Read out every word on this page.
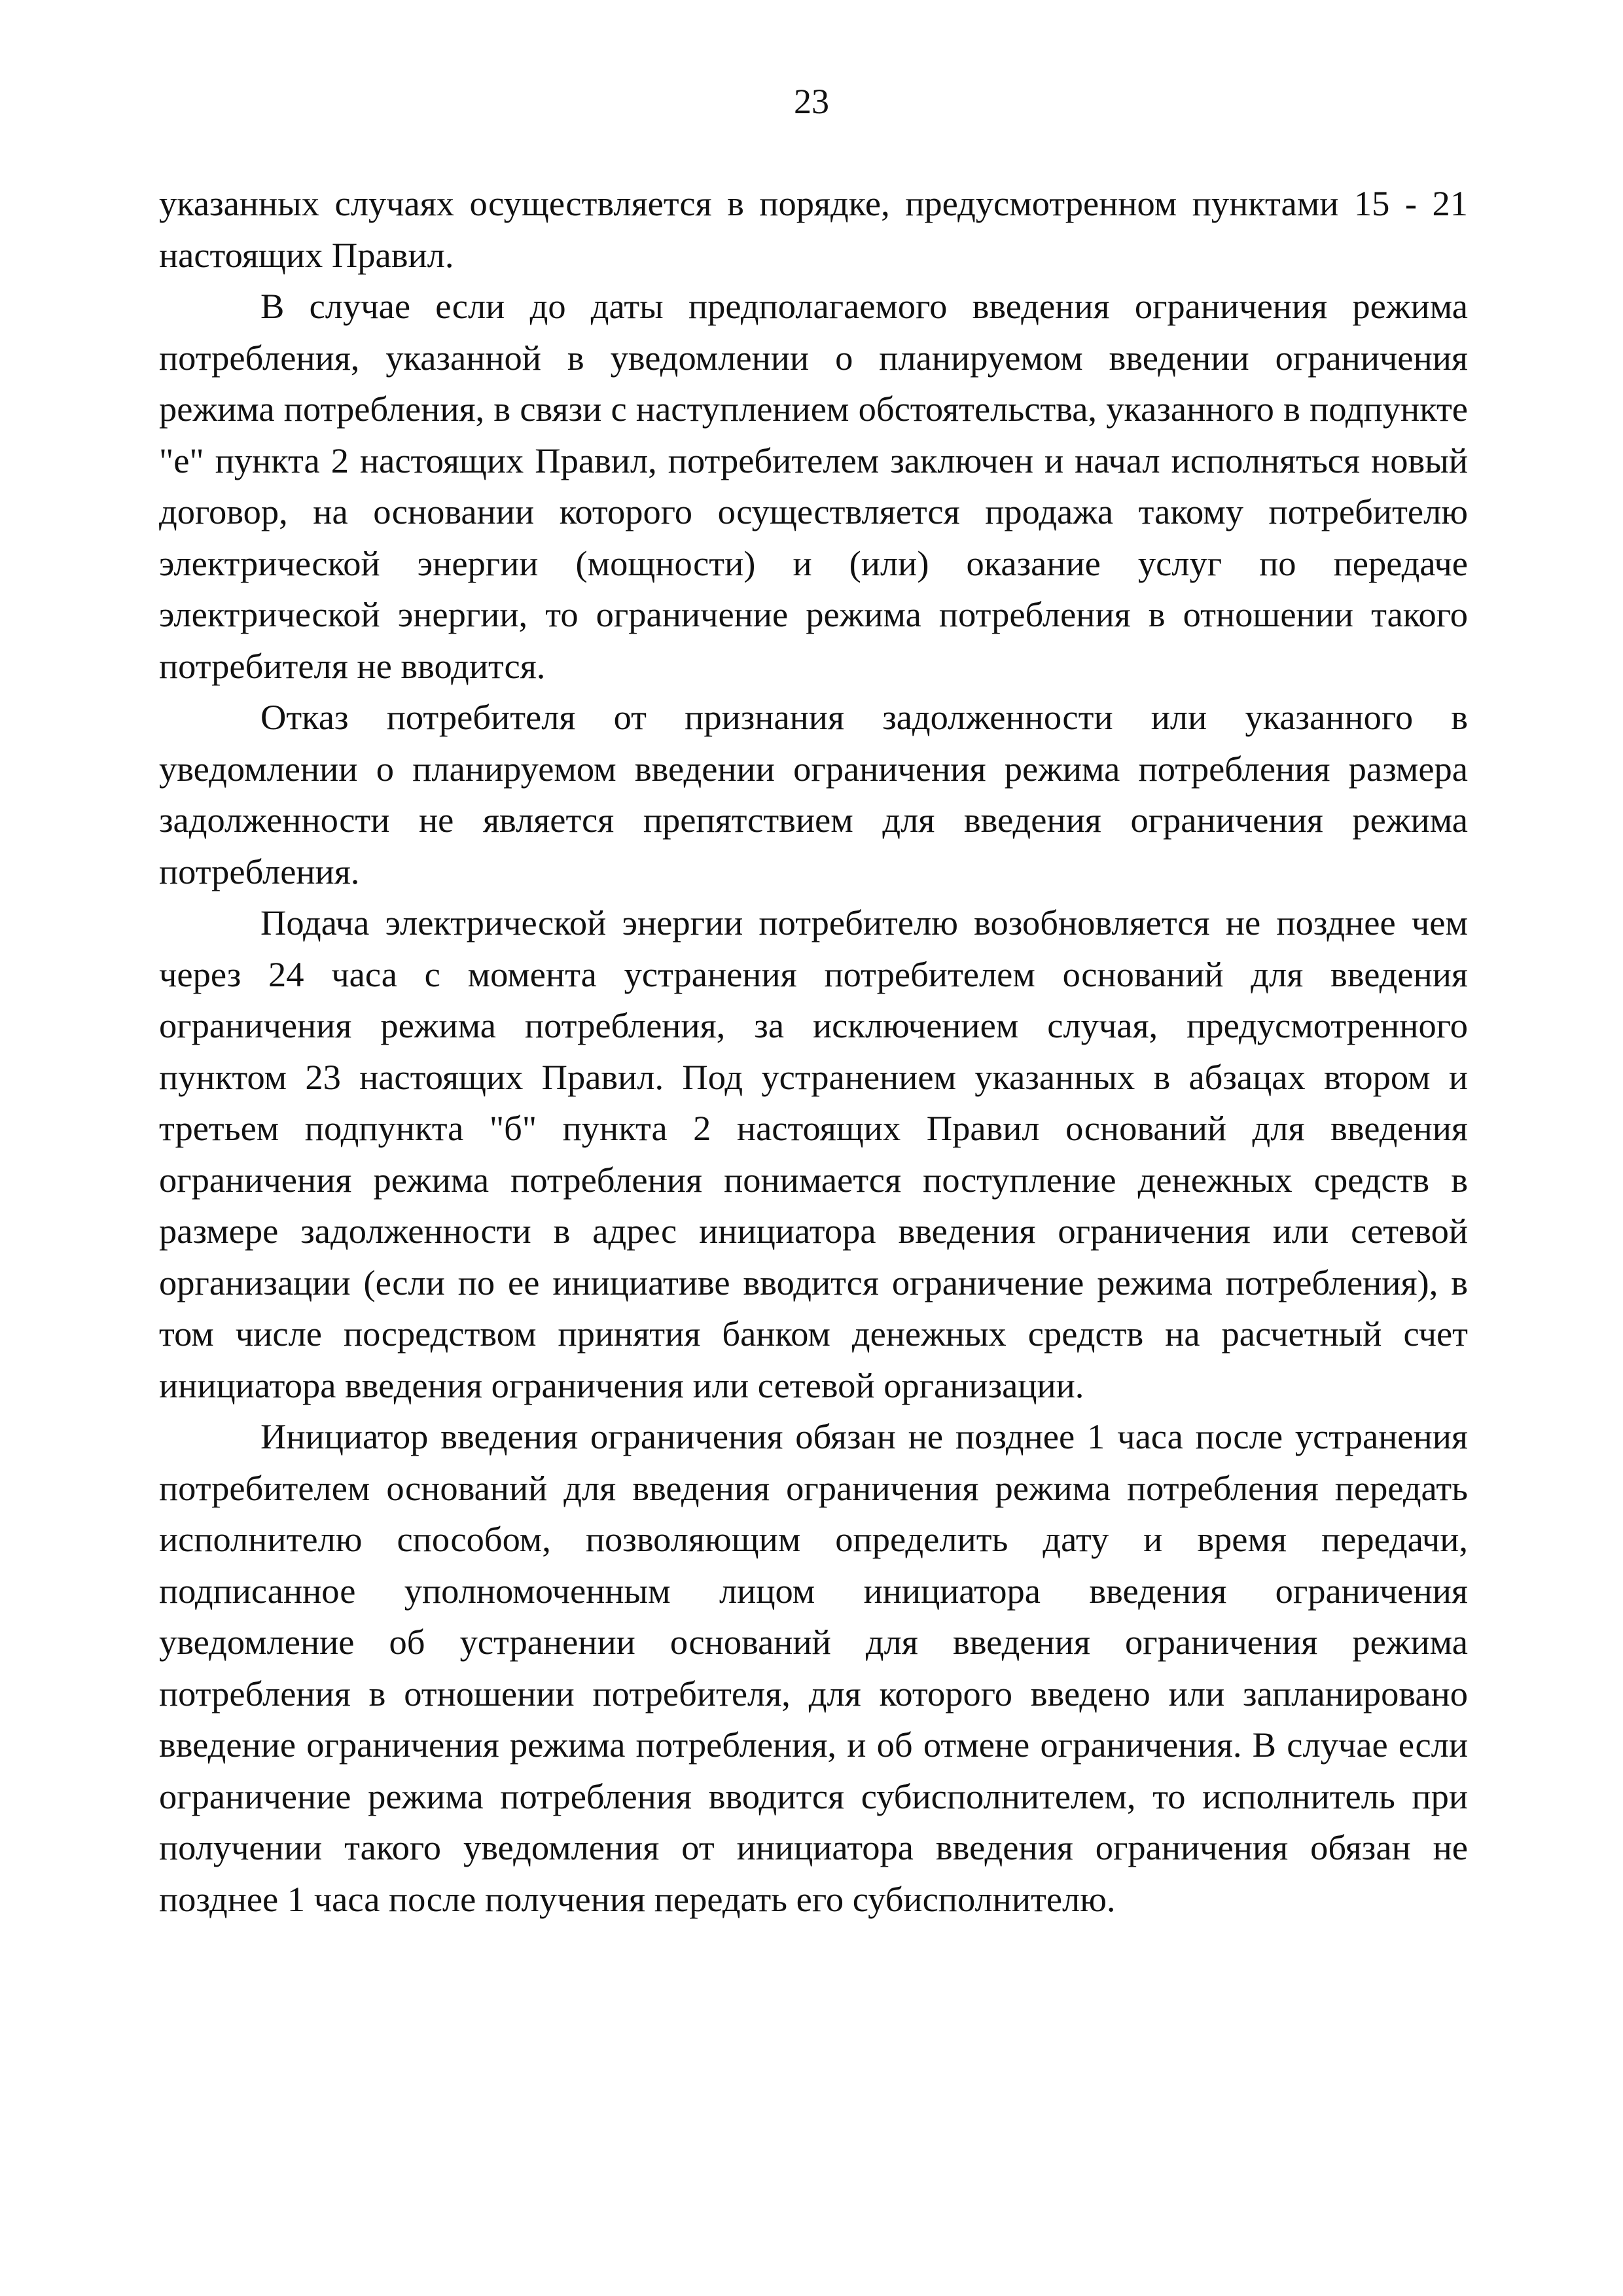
23

указанных случаях осуществляется в порядке, предусмотренном пунктами 15 - 21 настоящих Правил.

В случае если до даты предполагаемого введения ограничения режима потребления, указанной в уведомлении о планируемом введении ограничения режима потребления, в связи с наступлением обстоятельства, указанного в подпункте "е" пункта 2 настоящих Правил, потребителем заключен и начал исполняться новый договор, на основании которого осуществляется продажа такому потребителю электрической энергии (мощности) и (или) оказание услуг по передаче электрической энергии, то ограничение режима потребления в отношении такого потребителя не вводится.

Отказ потребителя от признания задолженности или указанного в уведомлении о планируемом введении ограничения режима потребления размера задолженности не является препятствием для введения ограничения режима потребления.

Подача электрической энергии потребителю возобновляется не позднее чем через 24 часа с момента устранения потребителем оснований для введения ограничения режима потребления, за исключением случая, предусмотренного пунктом 23 настоящих Правил. Под устранением указанных в абзацах втором и третьем подпункта "б" пункта 2 настоящих Правил оснований для введения ограничения режима потребления понимается поступление денежных средств в размере задолженности в адрес инициатора введения ограничения или сетевой организации (если по ее инициативе вводится ограничение режима потребления), в том числе посредством принятия банком денежных средств на расчетный счет инициатора введения ограничения или сетевой организации.

Инициатор введения ограничения обязан не позднее 1 часа после устранения потребителем оснований для введения ограничения режима потребления передать исполнителю способом, позволяющим определить дату и время передачи, подписанное уполномоченным лицом инициатора введения ограничения уведомление об устранении оснований для введения ограничения режима потребления в отношении потребителя, для которого введено или запланировано введение ограничения режима потребления, и об отмене ограничения. В случае если ограничение режима потребления вводится субисполнителем, то исполнитель при получении такого уведомления от инициатора введения ограничения обязан не позднее 1 часа после получения передать его субисполнителю.
